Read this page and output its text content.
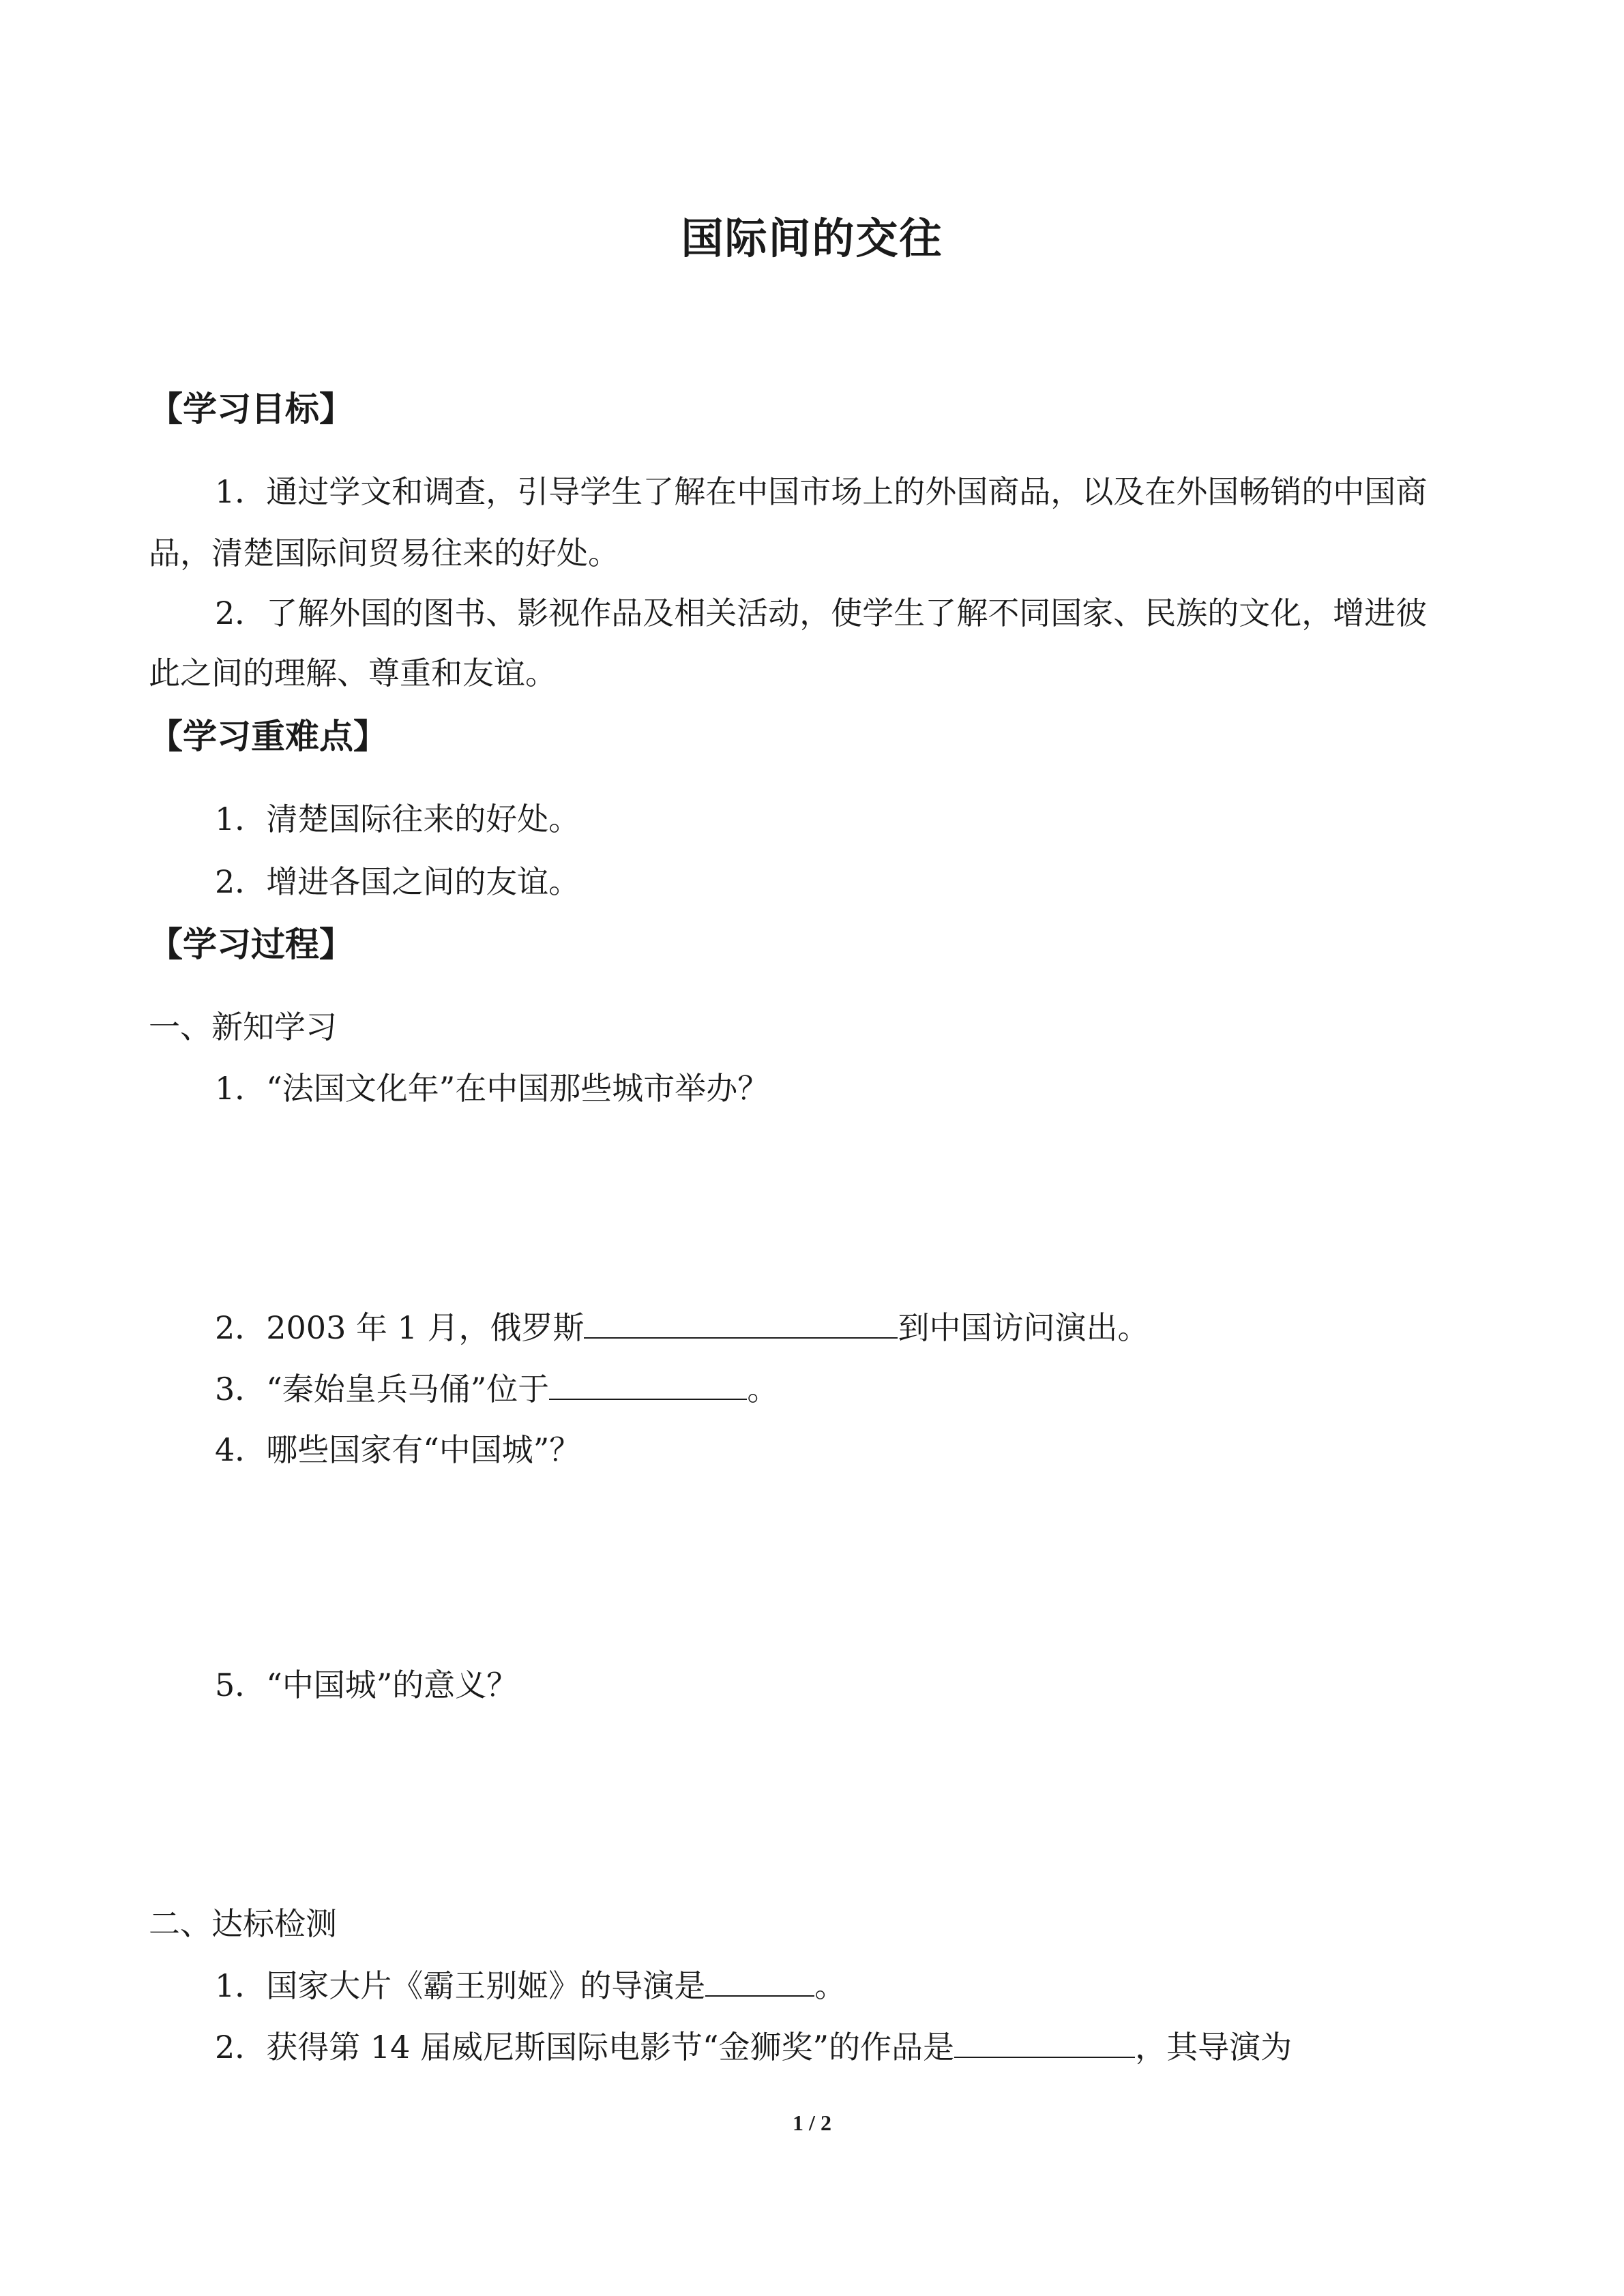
国际间的交往
【学习目标】
1．通过学文和调查，引导学生了解在中国市场上的外国商品，以及在外国畅销的中国商
品，清楚国际间贸易往来的好处。
2．了解外国的图书、影视作品及相关活动，使学生了解不同国家、民族的文化，增进彼
此之间的理解、尊重和友谊。
【学习重难点】
1．清楚国际往来的好处。
2．增进各国之间的友谊。
【学习过程】
一、新知学习
1．“法国文化年”在中国那些城市举办？
2．2003 年 1 月，俄罗斯	到中国访问演出。
3．“秦始皇兵马俑”位于	。
4．哪些国家有“中国城”？
5．“中国城”的意义？
二、达标检测
1．国家大片《霸王别姬》的导演是	。
2．获得第 14 届威尼斯国际电影节“金狮奖”的作品是	，其导演为
1 / 2
